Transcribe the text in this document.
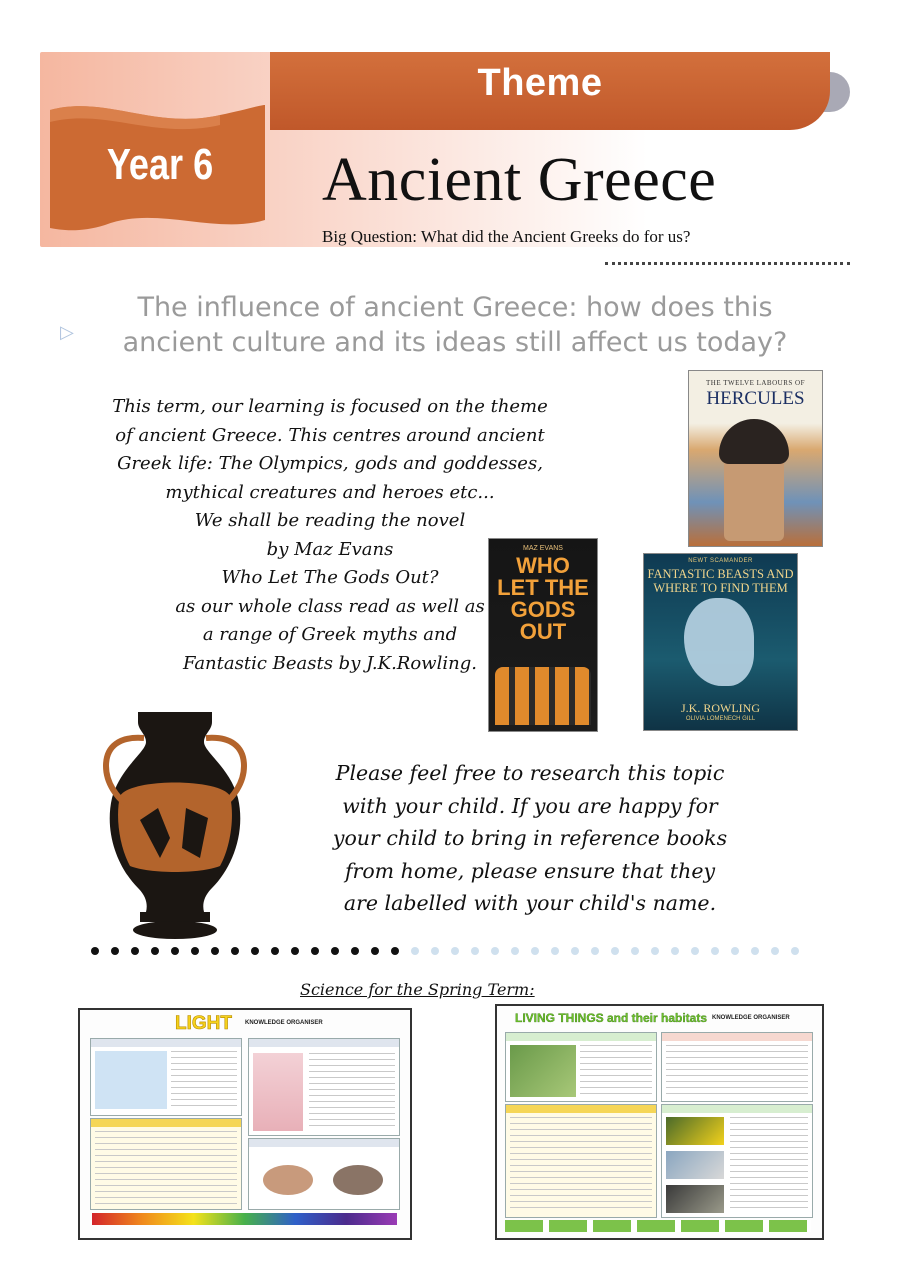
Theme
Year 6	Ancient Greece
Big Question: What did the Ancient Greeks do for us?
▷
The influence of ancient Greece: how does this
ancient culture and its ideas still affect us today?
This term, our learning is focused on the theme
of ancient Greece. This centres around ancient
Greek life: The Olympics, gods and goddesses,
mythical creatures and heroes etc...
We shall be reading the novel
by Maz Evans
Who Let The Gods Out?
as our whole class read as well as
a range of Greek myths and
Fantastic Beasts by J.K.Rowling.
THE TWELVE LABOURS OF
HERCULES
MAZ EVANS
WHO LET THE GODS OUT
NEWT SCAMANDER
FANTASTIC BEASTS AND WHERE TO FIND THEM
J.K. ROWLING
OLIVIA LOMENECH GILL
Please feel free to research this topic
with your child. If you are happy for
your child to bring in reference books
from home, please ensure that they
are labelled with your child's name.
Science for the Spring Term:
LIGHT KNOWLEDGE ORGANISER	LIVING THINGS and their habitats KNOWLEDGE ORGANISER
